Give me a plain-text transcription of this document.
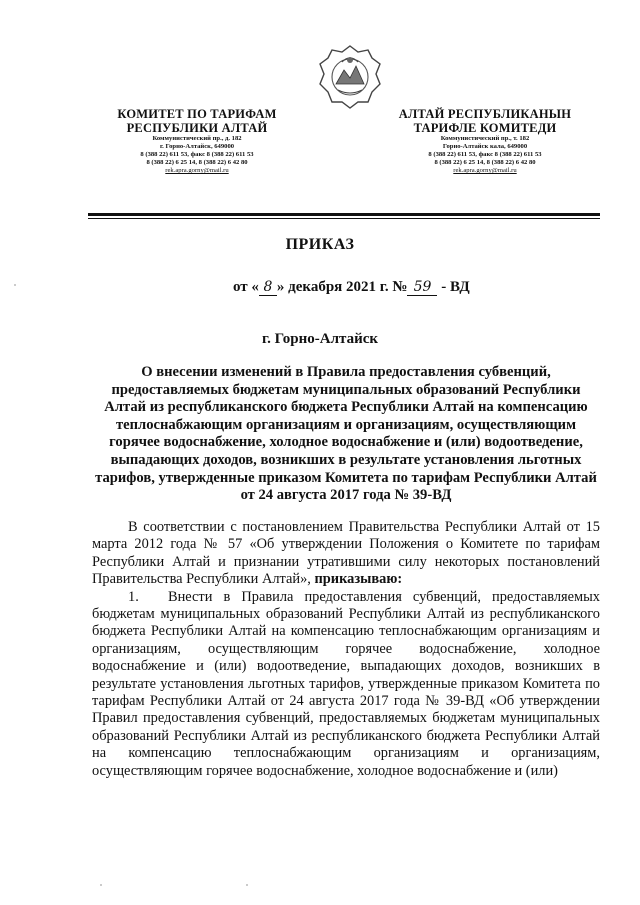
КОМИТЕТ ПО ТАРИФАМ
РЕСПУБЛИКИ АЛТАЙ
Коммунистический пр., д. 182
г. Горно-Алтайск, 649000
8 (388 22) 611 53, факс 8 (388 22) 611 53
8 (388 22) 6 25 14, 8 (388 22) 6 42 80
rek.apra.gorny@mail.ru
АЛТАЙ РЕСПУБЛИКАНЫН
ТАРИФЛЕ КОМИТЕДИ
Коммунистический пр., т. 182
Горно-Алтайск кала, 649000
8 (388 22) 611 53, факс 8 (388 22) 611 53
8 (388 22) 6 25 14, 8 (388 22) 6 42 80
rek.apra.gorny@mail.ru
ПРИКАЗ
от « 8 » декабря 2021 г. № 59 - ВД
г. Горно-Алтайск
О внесении изменений в Правила предоставления субвенций, предоставляемых бюджетам муниципальных образований Республики Алтай из республиканского бюджета Республики Алтай на компенсацию теплоснабжающим организациям и организациям, осуществляющим горячее водоснабжение, холодное водоснабжение и (или) водоотведение, выпадающих доходов, возникших в результате установления льготных тарифов, утвержденные приказом Комитета по тарифам Республики Алтай от 24 августа 2017 года № 39-ВД

В соответствии с постановлением Правительства Республики Алтай от 15 марта 2012 года № 57 «Об утверждении Положения о Комитете по тарифам Республики Алтай и признании утратившими силу некоторых постановлений Правительства Республики Алтай», приказываю:

1. Внести в Правила предоставления субвенций, предоставляемых бюджетам муниципальных образований Республики Алтай из республиканского бюджета Республики Алтай на компенсацию теплоснабжающим организациям и организациям, осуществляющим горячее водоснабжение, холодное водоснабжение и (или) водоотведение, выпадающих доходов, возникших в результате установления льготных тарифов, утвержденные приказом Комитета по тарифам Республики Алтай от 24 августа 2017 года № 39-ВД «Об утверждении Правил предоставления субвенций, предоставляемых бюджетам муниципальных образований Республики Алтай из республиканского бюджета Республики Алтай на компенсацию теплоснабжающим организациям и организациям, осуществляющим горячее водоснабжение, холодное водоснабжение и (или)
